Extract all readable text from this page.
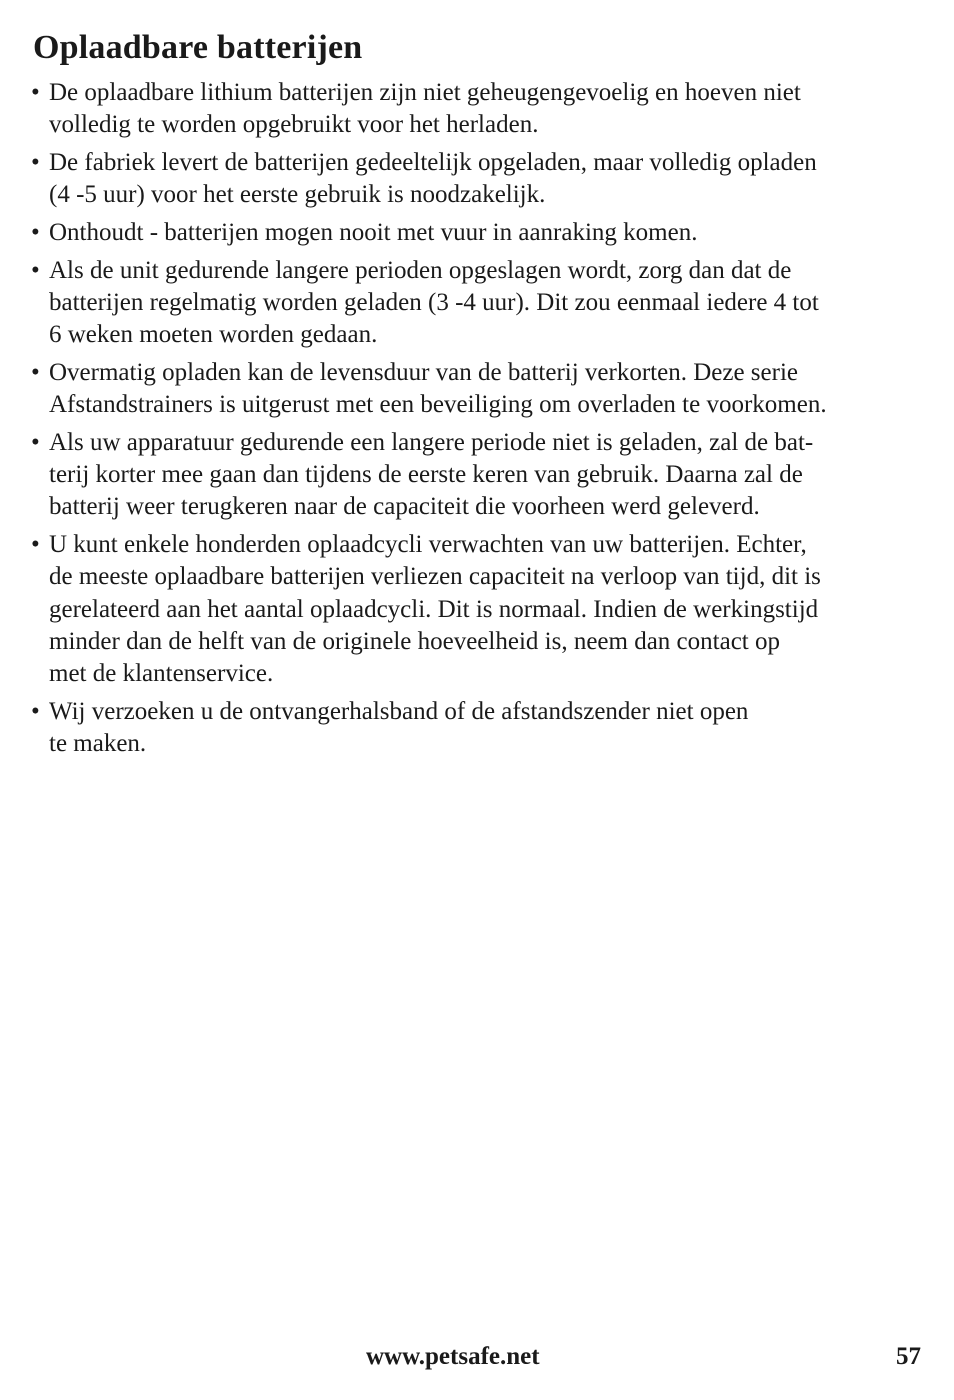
Oplaadbare batterijen
• De oplaadbare lithium batterijen zijn niet geheugengevoelig en hoeven niet
volledig te worden opgebruikt voor het herladen.
• De fabriek levert de batterijen gedeeltelijk opgeladen, maar volledig opladen
(4 -5 uur) voor het eerste gebruik is noodzakelijk.
• Onthoudt - batterijen mogen nooit met vuur in aanraking komen.
• Als de unit gedurende langere perioden opgeslagen wordt, zorg dan dat de
batterijen regelmatig worden geladen (3 -4 uur). Dit zou eenmaal iedere 4 tot
6 weken moeten worden gedaan.
• Overmatig opladen kan de levensduur van de batterij verkorten. Deze serie
Afstandstrainers is uitgerust met een beveiliging om overladen te voorkomen.
• Als uw apparatuur gedurende een langere periode niet is geladen, zal de bat-
terij korter mee gaan dan tijdens de eerste keren van gebruik. Daarna zal de
batterij weer terugkeren naar de capaciteit die voorheen werd geleverd.
• U kunt enkele honderden oplaadcycli verwachten van uw batterijen. Echter,
de meeste oplaadbare batterijen verliezen capaciteit na verloop van tijd, dit is
gerelateerd aan het aantal oplaadcycli. Dit is normaal. Indien de werkingstijd
minder dan de helft van de originele hoeveelheid is, neem dan contact op
met de klantenservice.
• Wij verzoeken u de ontvangerhalsband of de afstandszender niet open
te maken.
www.petsafe.net	57
